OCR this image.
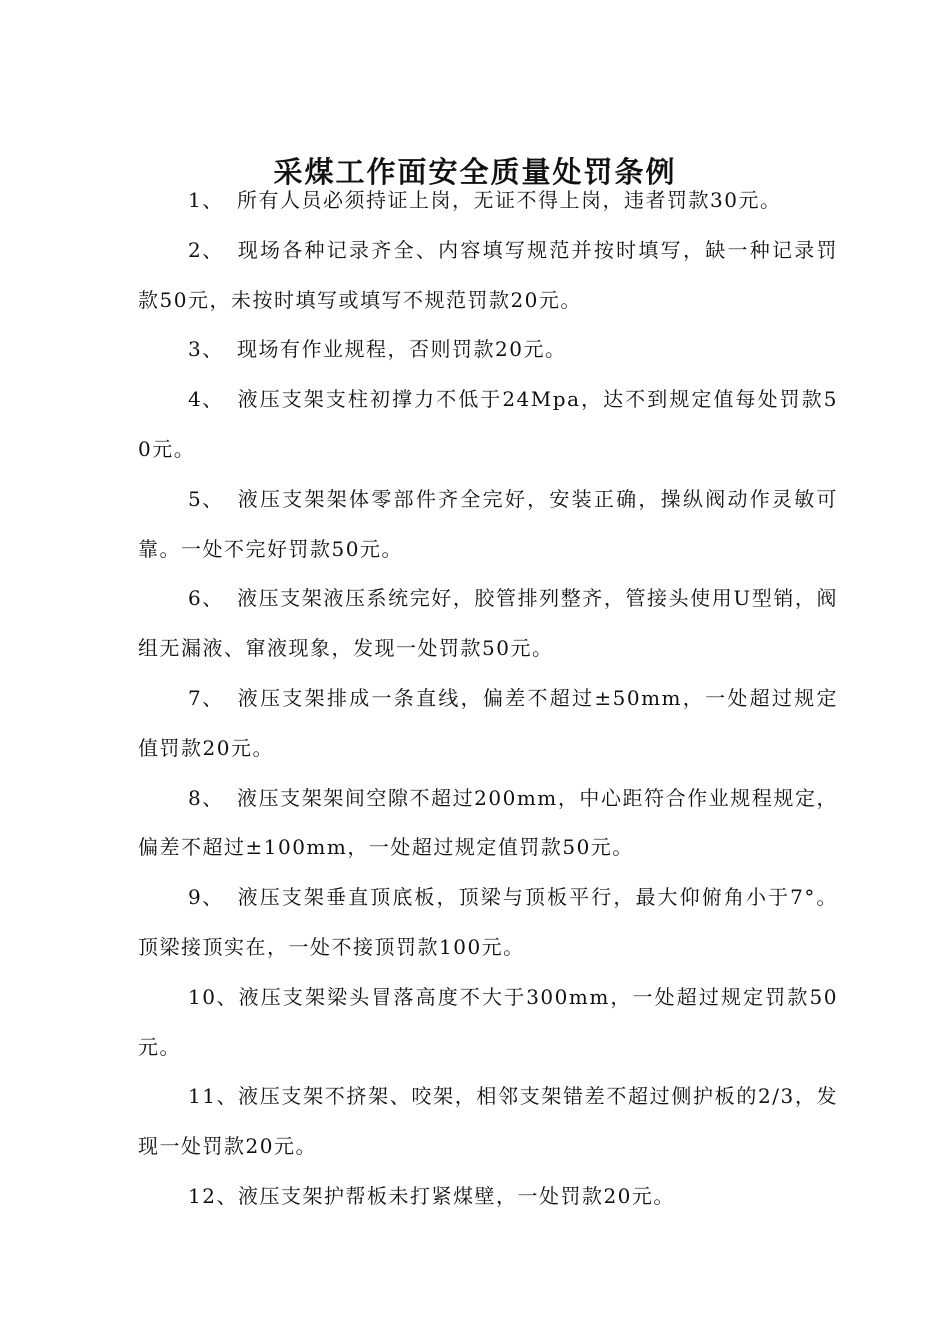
采煤工作面安全质量处罚条例

1、 所有人员必须持证上岗，无证不得上岗，违者罚款30元。

2、 现场各种记录齐全、内容填写规范并按时填写，缺一种记录罚款50元，未按时填写或填写不规范罚款20元。

3、 现场有作业规程，否则罚款20元。

4、 液压支架支柱初撑力不低于24Mpa，达不到规定值每处罚款50元。

5、 液压支架架体零部件齐全完好，安装正确，操纵阀动作灵敏可靠。一处不完好罚款50元。

6、 液压支架液压系统完好，胶管排列整齐，管接头使用U型销，阀组无漏液、窜液现象，发现一处罚款50元。

7、 液压支架排成一条直线，偏差不超过±50mm，一处超过规定值罚款20元。

8、 液压支架架间空隙不超过200mm，中心距符合作业规程规定，偏差不超过±100mm，一处超过规定值罚款50元。

9、 液压支架垂直顶底板，顶梁与顶板平行，最大仰俯角小于7°。顶梁接顶实在，一处不接顶罚款100元。

10、液压支架梁头冒落高度不大于300mm，一处超过规定罚款50元。

11、液压支架不挤架、咬架，相邻支架错差不超过侧护板的2/3，发现一处罚款20元。

12、液压支架护帮板未打紧煤壁，一处罚款20元。
